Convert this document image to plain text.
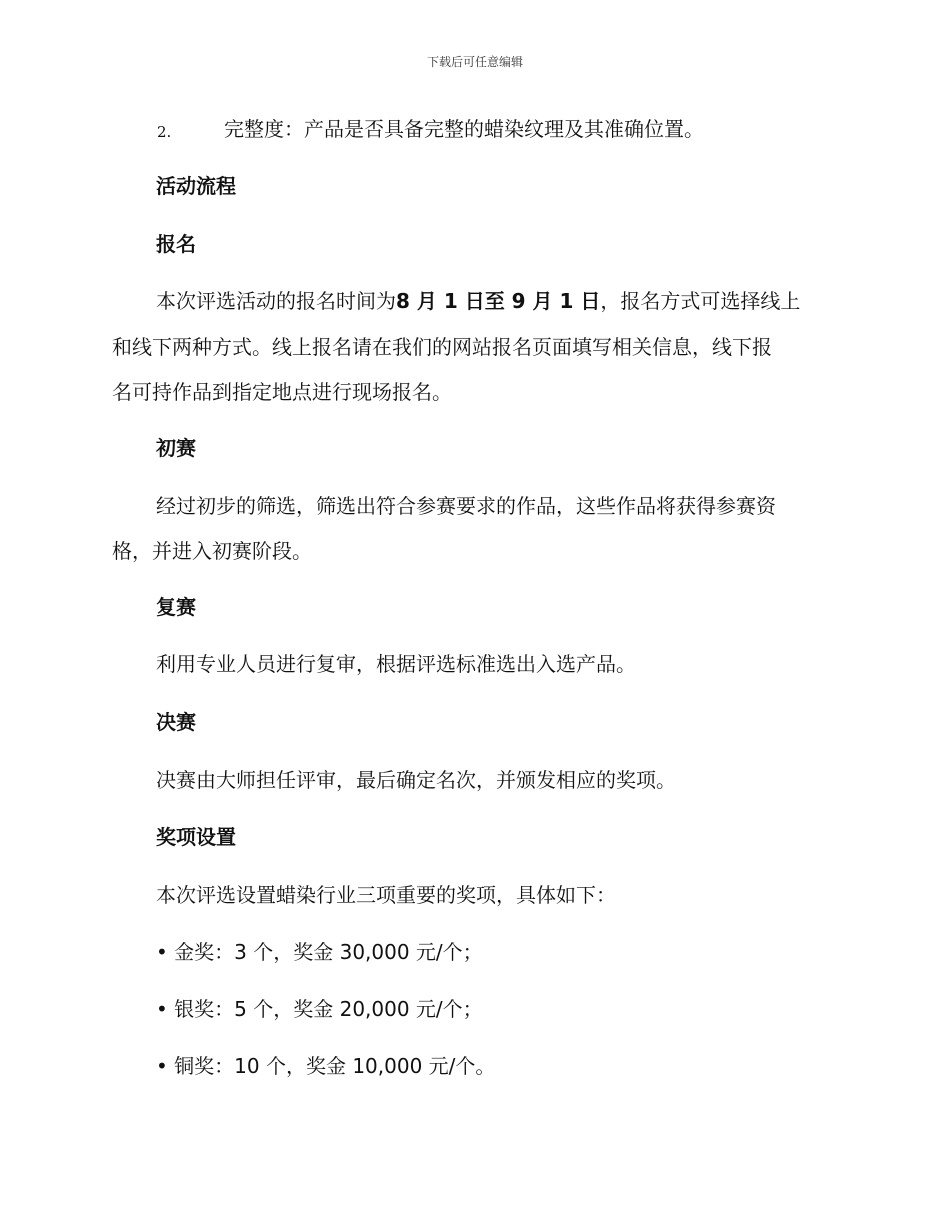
下载后可任意编辑
2.	完整度：产品是否具备完整的蜡染纹理及其准确位置。
活动流程
报名
本次评选活动的报名时间为8 月 1 日至 9 月 1 日，报名方式可选择线上
和线下两种方式。线上报名请在我们的网站报名页面填写相关信息，线下报
名可持作品到指定地点进行现场报名。
初赛
经过初步的筛选，筛选出符合参赛要求的作品，这些作品将获得参赛资
格，并进入初赛阶段。
复赛
利用专业人员进行复审，根据评选标准选出入选产品。
决赛
决赛由大师担任评审，最后确定名次，并颁发相应的奖项。
奖项设置
本次评选设置蜡染行业三项重要的奖项，具体如下：
• 金奖：3 个，奖金 30,000 元/个；
• 银奖：5 个，奖金 20,000 元/个；
• 铜奖：10 个，奖金 10,000 元/个。
